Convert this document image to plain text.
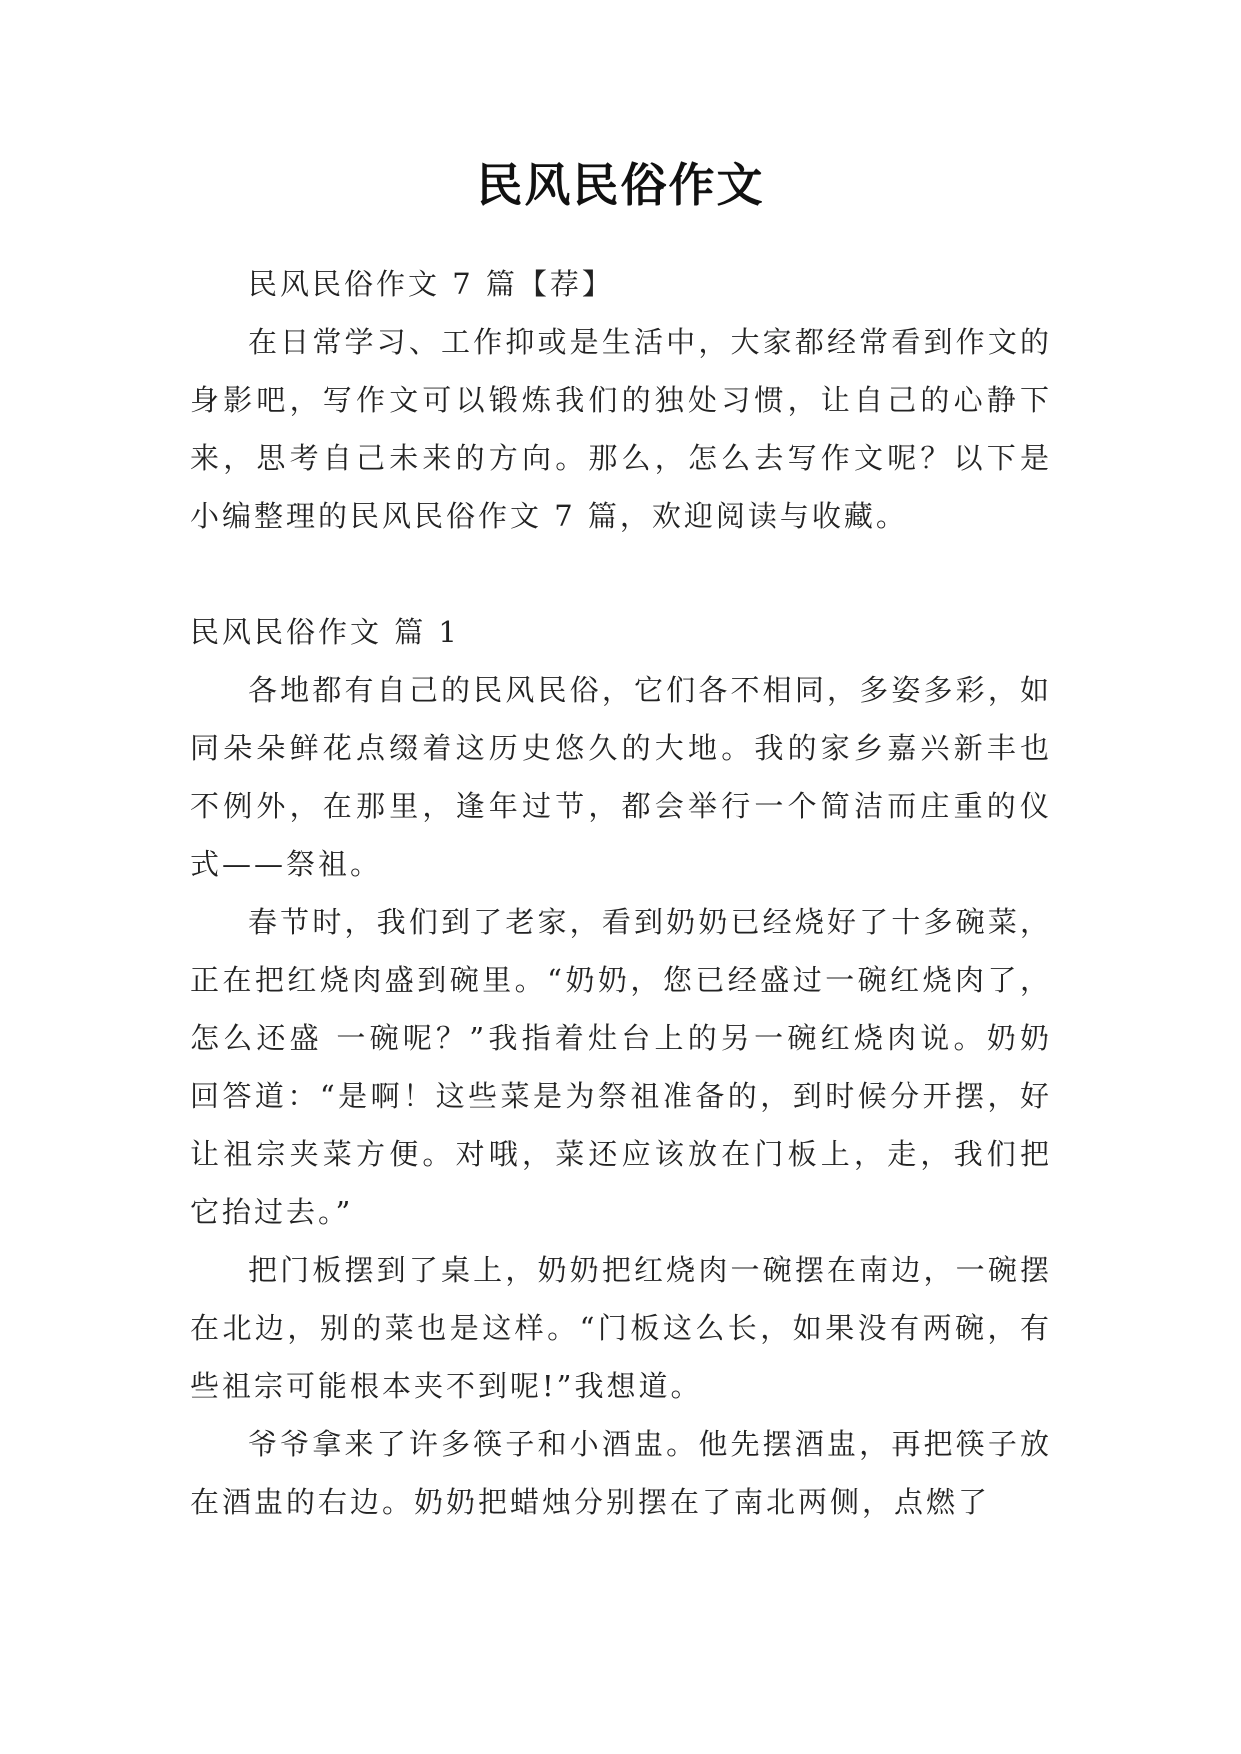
民风民俗作文

民风民俗作文 7 篇【荐】

在日常学习、工作抑或是生活中，大家都经常看到作文的身影吧，写作文可以锻炼我们的独处习惯，让自己的心静下来，思考自己未来的方向。那么，怎么去写作文呢？以下是小编整理的民风民俗作文 7 篇，欢迎阅读与收藏。

民风民俗作文 篇 1

各地都有自己的民风民俗，它们各不相同，多姿多彩，如同朵朵鲜花点缀着这历史悠久的大地。我的家乡嘉兴新丰也不例外，在那里，逢年过节，都会举行一个简洁而庄重的仪式——祭祖。

春节时，我们到了老家，看到奶奶已经烧好了十多碗菜，正在把红烧肉盛到碗里。“奶奶，您已经盛过一碗红烧肉了，怎么还盛 一碗呢？”我指着灶台上的另一碗红烧肉说。奶奶回答道：“是啊！这些菜是为祭祖准备的，到时候分开摆，好让祖宗夹菜方便。对哦，菜还应该放在门板上，走，我们把它抬过去。”

把门板摆到了桌上，奶奶把红烧肉一碗摆在南边，一碗摆在北边，别的菜也是这样。“门板这么长，如果没有两碗，有些祖宗可能根本夹不到呢!”我想道。

爷爷拿来了许多筷子和小酒盅。他先摆酒盅，再把筷子放在酒盅的右边。奶奶把蜡烛分别摆在了南北两侧，点燃了
